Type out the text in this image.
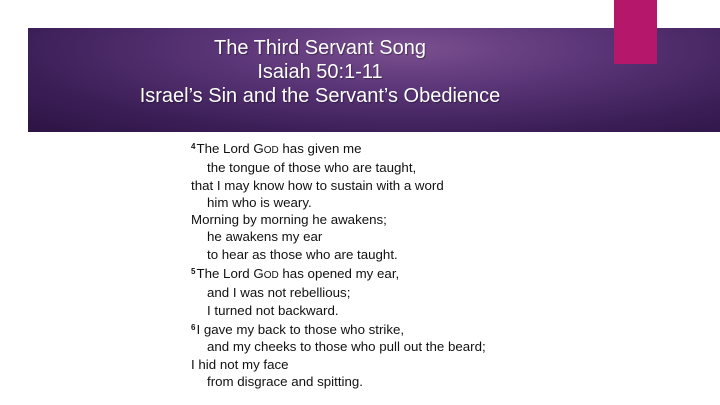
The Third Servant Song
Isaiah 50:1-11
Israel’s Sin and the Servant’s Obedience
$^4$The Lord GOD has given me
the tongue of those who are taught,
that I may know how to sustain with a word
him who is weary.
Morning by morning he awakens;
he awakens my ear
to hear as those who are taught.
$^5$The Lord GOD has opened my ear,
and I was not rebellious;
I turned not backward.
$^6$I gave my back to those who strike,
and my cheeks to those who pull out the beard;
I hid not my face
from disgrace and spitting.
